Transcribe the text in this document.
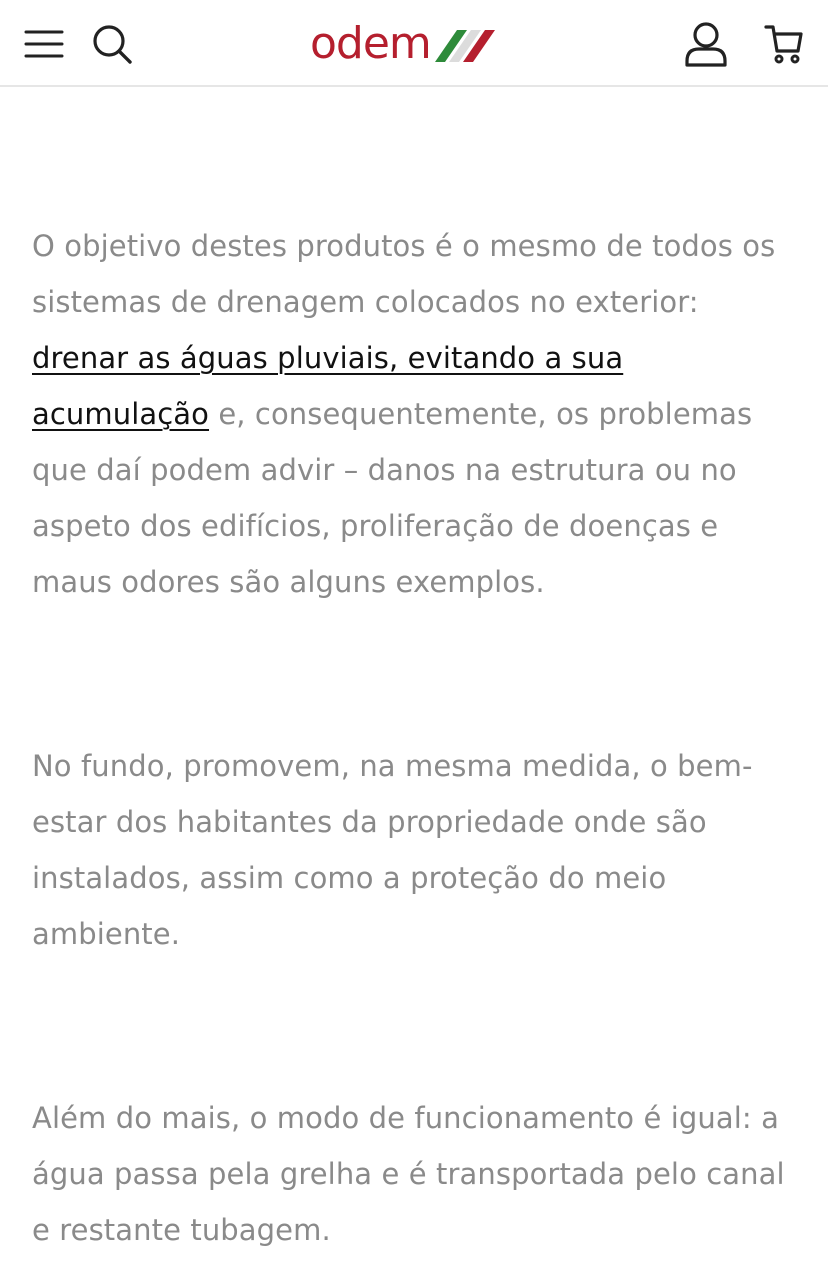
odem

O objetivo destes produtos é o mesmo de todos os sistemas de drenagem colocados no exterior: drenar as águas pluviais, evitando a sua acumulação e, consequentemente, os problemas que daí podem advir – danos na estrutura ou no aspeto dos edifícios, proliferação de doenças e maus odores são alguns exemplos.

No fundo, promovem, na mesma medida, o bem-estar dos habitantes da propriedade onde são instalados, assim como a proteção do meio ambiente.

Além do mais, o modo de funcionamento é igual: a água passa pela grelha e é transportada pelo canal e restante tubagem.
